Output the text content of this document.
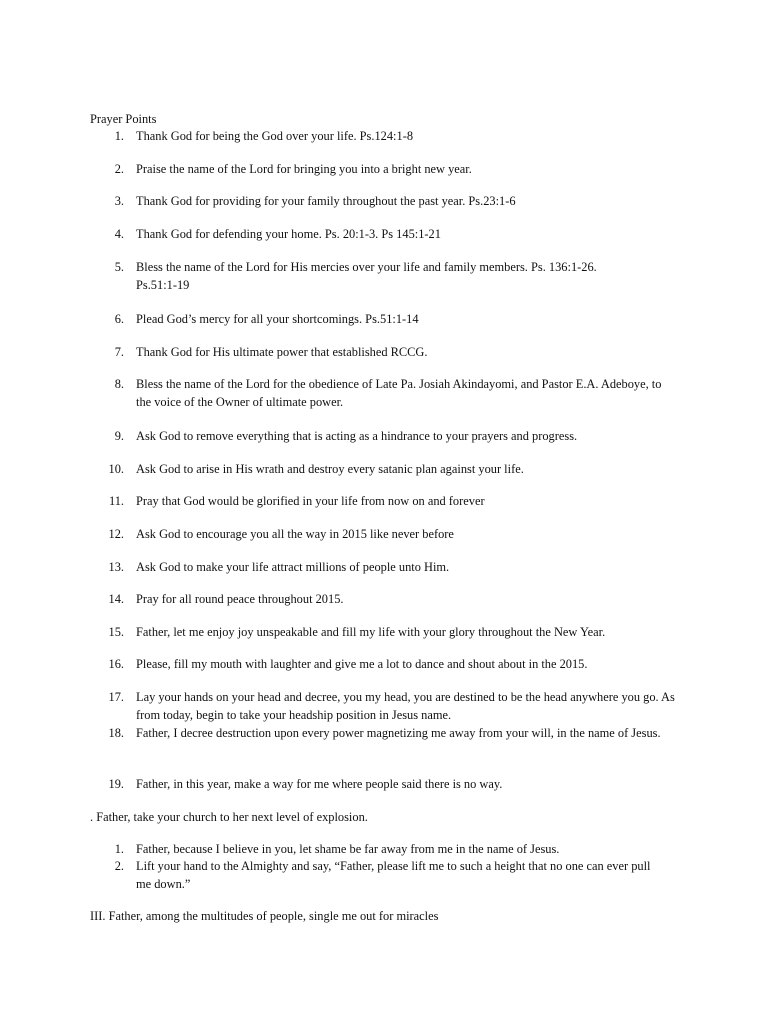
Prayer Points
1. Thank God for being the God over your life. Ps.124:1-8
2. Praise the name of the Lord for bringing you into a bright new year.
3. Thank God for providing for your family throughout the past year. Ps.23:1-6
4. Thank God for defending your home. Ps. 20:1-3. Ps 145:1-21
5. Bless the name of the Lord for His mercies over your life and family members. Ps. 136:1-26. Ps.51:1-19
6. Plead God’s mercy for all your shortcomings. Ps.51:1-14
7. Thank God for His ultimate power that established RCCG.
8. Bless the name of the Lord for the obedience of Late Pa. Josiah Akindayomi, and Pastor E.A. Adeboye, to the voice of the Owner of ultimate power.
9. Ask God to remove everything that is acting as a hindrance to your prayers and progress.
10. Ask God to arise in His wrath and destroy every satanic plan against your life.
11. Pray that God would be glorified in your life from now on and forever
12. Ask God to encourage you all the way in 2015 like never before
13. Ask God to make your life attract millions of people unto Him.
14. Pray for all round peace throughout 2015.
15. Father, let me enjoy joy unspeakable and fill my life with your glory throughout the New Year.
16. Please, fill my mouth with laughter and give me a lot to dance and shout about in the 2015.
17. Lay your hands on your head and decree, you my head, you are destined to be the head anywhere you go. As from today, begin to take your headship position in Jesus name.
18. Father, I decree destruction upon every power magnetizing me away from your will, in the name of Jesus.
19. Father, in this year, make a way for me where people said there is no way.
. Father, take your church to her next level of explosion.
1. Father, because I believe in you, let shame be far away from me in the name of Jesus.
2. Lift your hand to the Almighty and say, “Father, please lift me to such a height that no one can ever pull me down.”
III. Father, among the multitudes of people, single me out for miracles
